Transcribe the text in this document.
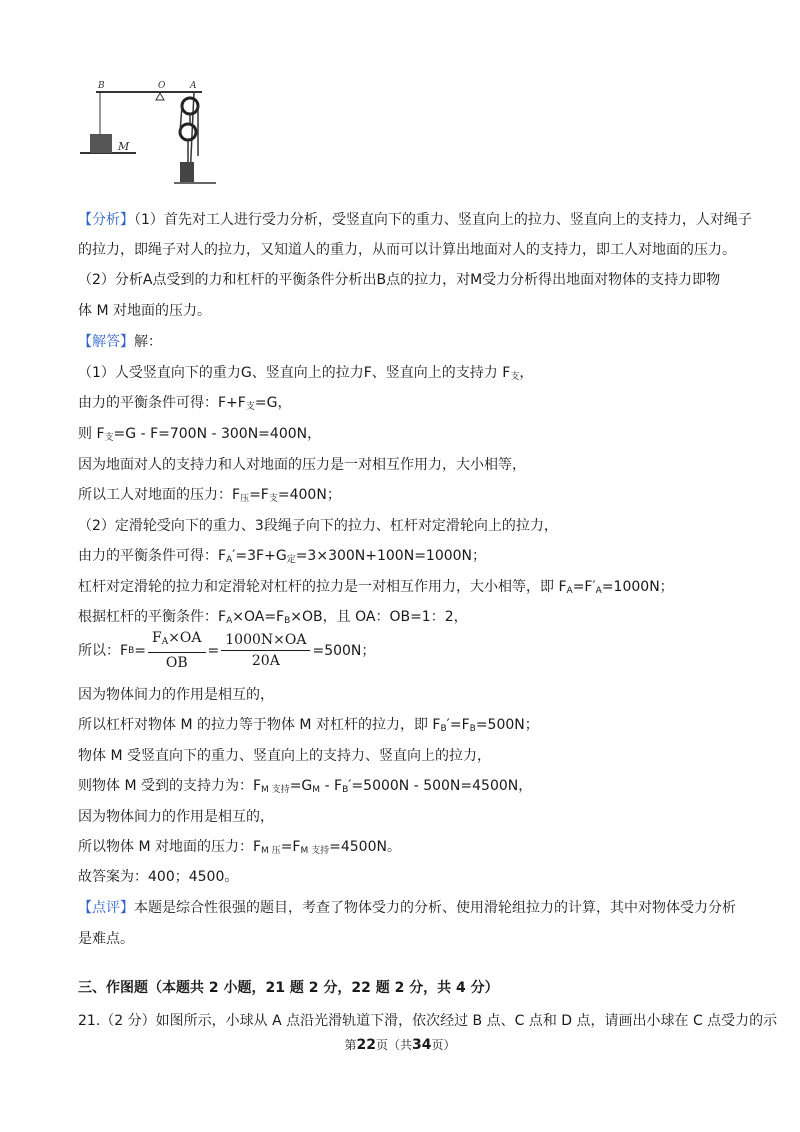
M
B	O	A
【分析】（1）首先对工人进行受力分析，受竖直向下的重力、竖直向上的拉力、竖直向上的支持力，人对绳子
的拉力，即绳子对人的拉力，又知道人的重力，从而可以计算出地面对人的支持力，即工人对地面的压力。
（2）分析A点受到的力和杠杆的平衡条件分析出B点的拉力，对M受力分析得出地面对物体的支持力即物
体 M 对地面的压力。
【解答】解：
（1）人受竖直向下的重力G、竖直向上的拉力F、竖直向上的支持力 $F_支$，
由力的平衡条件可得：$F+F_支=G$，
则 $F_支=G - F=700N - 300N=400N$，
因为地面对人的支持力和人对地面的压力是一对相互作用力，大小相等，
所以工人对地面的压力：$F_压=F_支=400N$；
（2）定滑轮受向下的重力、3段绳子向下的拉力、杠杆对定滑轮向上的拉力，
由力的平衡条件可得：$F_A'=3F+G_定=3\times 300N+100N=1000N$；
杠杆对定滑轮的拉力和定滑轮对杠杆的拉力是一对相互作用力，大小相等，即 $F_A=F'_A=1000N$；
根据杠杆的平衡条件：$F_A\times OA=F_B\times OB$，且 OA：OB=1：2，
所以：F $B = \frac{F_A\times OA}{OB} = \frac{1000N\times OA}{20A} =500N$；
因为物体间力的作用是相互的，
所以杠杆对物体 M 的拉力等于物体 M 对杠杆的拉力，即 $F_B'=F_B=500N$；
物体 M 受竖直向下的重力、竖直向上的支持力、竖直向上的拉力，
则物体 M 受到的支持力为：$F_{M 支持}=G_M - F_B'=5000N - 500N=4500N$，
因为物体间力的作用是相互的，
所以物体 M 对地面的压力：$F_{M 压}=F_{M 支持}=4500N$。
故答案为：400；4500。
【点评】本题是综合性很强的题目，考查了物体受力的分析、使用滑轮组拉力的计算，其中对物体受力分析
是难点。
三、作图题（本题共 2 小题，21 题 2 分，22 题 2 分，共 4 分）
21.（2 分）如图所示，小球从 A 点沿光滑轨道下滑，依次经过 B 点、C 点和 D 点，请画出小球在 C 点受力的示
第22页（共34页）
